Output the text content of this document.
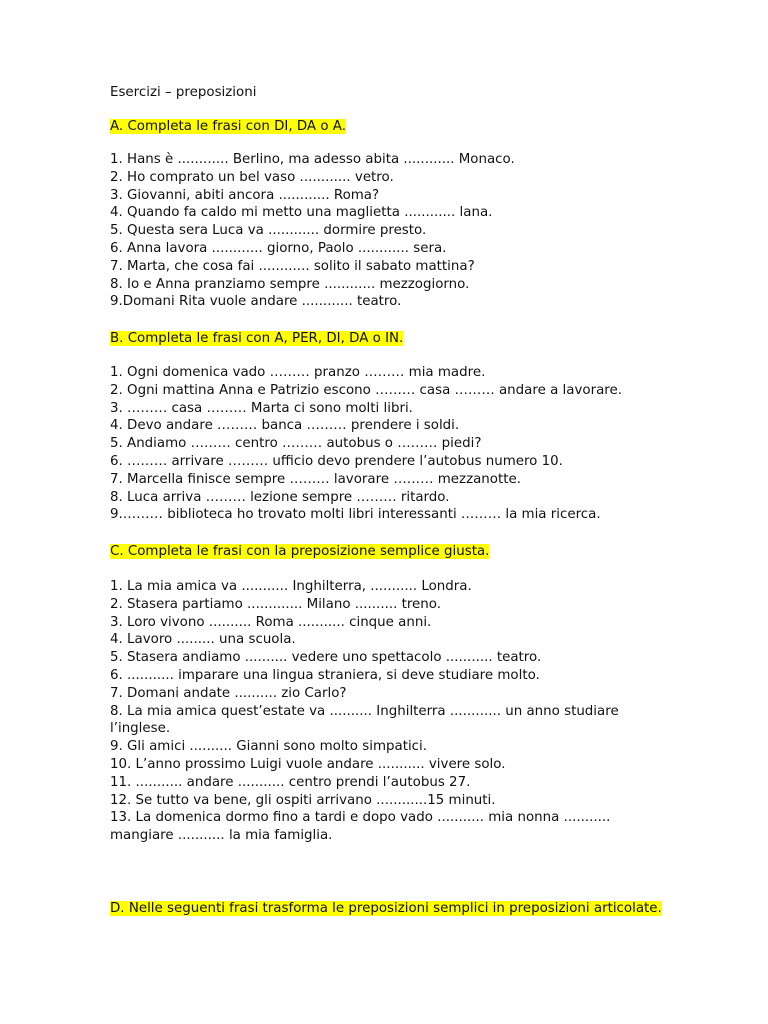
Esercizi – preposizioni
A. Completa le frasi con DI, DA o A.
1. Hans è ............ Berlino, ma adesso abita ............ Monaco.
2. Ho comprato un bel vaso ............ vetro.
3. Giovanni, abiti ancora ............ Roma?
4. Quando fa caldo mi metto una maglietta ............ lana.
5. Questa sera Luca va ............ dormire presto.
6. Anna lavora ............ giorno, Paolo ............ sera.
7. Marta, che cosa fai ............ solito il sabato mattina?
8. Io e Anna pranziamo sempre ............ mezzogiorno.
9.Domani Rita vuole andare ............ teatro.
B. Completa le frasi con A, PER, DI, DA o IN.
1. Ogni domenica vado ……… pranzo ……… mia madre.
2. Ogni mattina Anna e Patrizio escono ……… casa ……… andare a lavorare.
3. ……… casa ……… Marta ci sono molti libri.
4. Devo andare ……… banca ……… prendere i soldi.
5. Andiamo ……… centro ……… autobus o ……… piedi?
6. ……… arrivare ……… ufficio devo prendere l’autobus numero 10.
7. Marcella finisce sempre ……… lavorare ……… mezzanotte.
8. Luca arriva ……… lezione sempre ……… ritardo.
9.……… biblioteca ho trovato molti libri interessanti ……… la mia ricerca.
C. Completa le frasi con la preposizione semplice giusta.
1. La mia amica va ........... Inghilterra, ........... Londra.
2. Stasera partiamo ............. Milano .......... treno.
3. Loro vivono .......... Roma ........... cinque anni.
4. Lavoro ......... una scuola.
5. Stasera andiamo .......... vedere uno spettacolo ........... teatro.
6. ........... imparare una lingua straniera, si deve studiare molto.
7. Domani andate .......... zio Carlo?
8. La mia amica quest’estate va .......... Inghilterra ............ un anno studiare l’inglese.
9. Gli amici .......... Gianni sono molto simpatici.
10. L’anno prossimo Luigi vuole andare ........... vivere solo.
11. ........... andare ........... centro prendi l’autobus 27.
12. Se tutto va bene, gli ospiti arrivano ............15 minuti.
13. La domenica dormo fino a tardi e dopo vado ........... mia nonna ........... mangiare ........... la mia famiglia.
D. Nelle seguenti frasi trasforma le preposizioni semplici in preposizioni articolate.
